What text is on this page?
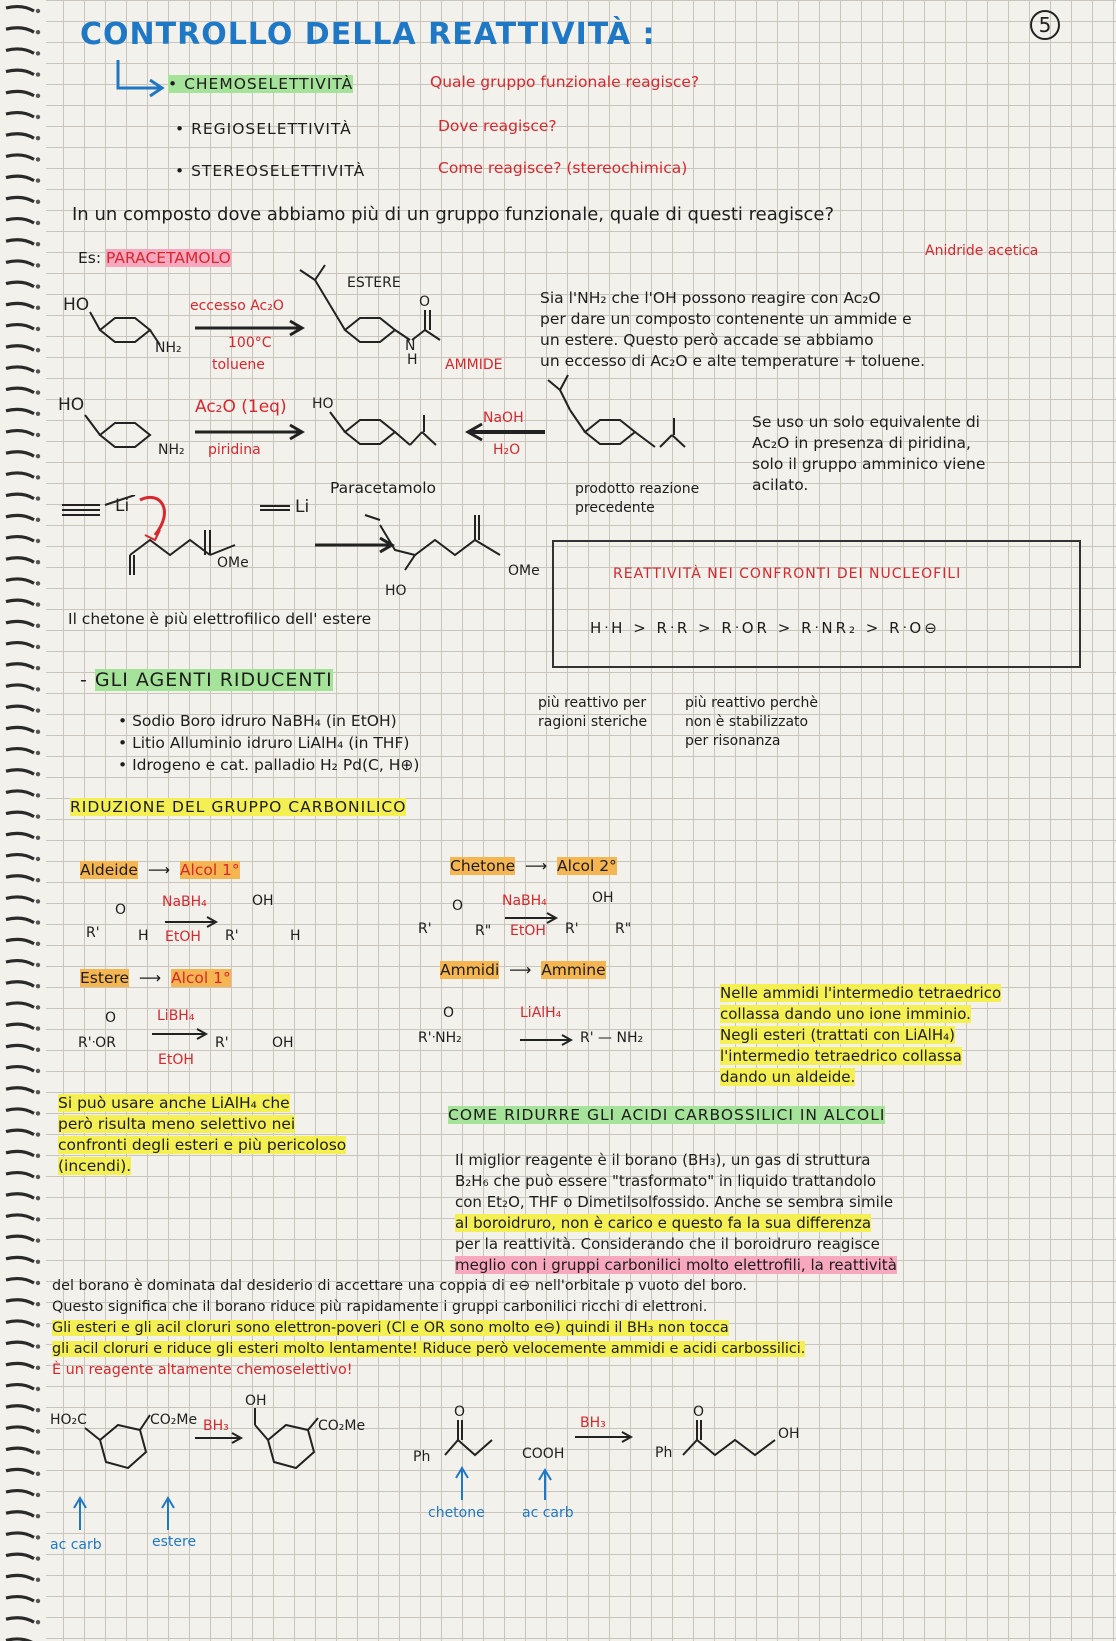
5
CONTROLLO DELLA REATTIVITÀ :
• CHEMOSELETTIVITÀ	Quale gruppo funzionale reagisce?
• REGIOSELETTIVITÀ	Dove reagisce?
• STEREOSELETTIVITÀ	Come reagisce? (stereochimica)
In un composto dove abbiamo più di un gruppo funzionale, quale di questi reagisce?
Es: PARACETAMOLO	Anidride acetica
HO
NH₂
eccesso Ac₂O
100°C
toluene
ESTERE
N
H
O
AMMIDE
Sia l'NH₂ che l'OH possono reagire con Ac₂O
per dare un composto contenente un ammide e
un estere. Questo però accade se abbiamo
un eccesso di Ac₂O e alte temperature + toluene.
HO
NH₂
Ac₂O (1eq)
piridina
HO
Paracetamolo
NaOH
H₂O
prodotto reazione
precedente
Se uso un solo equivalente di
Ac₂O in presenza di piridina,
solo il gruppo amminico viene
acilato.
Li	Li
OMe	OMe
HO
Il chetone è più elettrofilico dell' estere
REATTIVITÀ NEI CONFRONTI DEI NUCLEOFILI
HᐧH > RᐧR > RᐧOR > RᐧNR₂ > RᐧO⊖
più reattivo per
ragioni steriche
più reattivo perchè
non è stabilizzato
per risonanza
- GLI AGENTI RIDUCENTI
• Sodio Boro idruro NaBH₄ (in EtOH)
• Litio Alluminio idruro LiAlH₄ (in THF)
• Idrogeno e cat. palladio H₂ Pd(C, H⊕)
RIDUZIONE DEL GRUPPO CARBONILICO
Aldeide  ⟶  Alcol 1°
NaBH₄
EtOH
R'	H
O
R'	H
OH
Chetone  ⟶  Alcol 2°
NaBH₄
EtOH
R'	R"
O
R'	R"
OH
Estere  ⟶  Alcol 1°
LiBH₄
EtOH
R'ᐧOR
O
R'	OH
Ammidi  ⟶  Ammine
LiAlH₄
R'ᐧNH₂
O
R' — NH₂
Nelle ammidi l'intermedio tetraedrico
collassa dando uno ione imminio.
Negli esteri (trattati con LiAlH₄)
l'intermedio tetraedrico collassa
dando un aldeide.
Si può usare anche LiAlH₄ che
però risulta meno selettivo nei
confronti degli esteri e più pericoloso
(incendi).
COME RIDURRE GLI ACIDI CARBOSSILICI IN ALCOLI
Il miglior reagente è il borano (BH₃), un gas di struttura
B₂H₆ che può essere "trasformato" in liquido trattandolo
con Et₂O, THF o Dimetilsolfossido. Anche se sembra simile
al boroidruro, non è carico e questo fa la sua differenza
per la reattività. Considerando che il boroidruro reagisce
meglio con i gruppi carbonilici molto elettrofili, la reattività
del borano è dominata dal desiderio di accettare una coppia di e⊖ nell'orbitale p vuoto del boro.
Questo significa che il borano riduce più rapidamente i gruppi carbonilici ricchi di elettroni.
Gli esteri e gli acil cloruri sono elettron-poveri (Cl e OR sono molto e⊖) quindi il BH₃ non tocca
gli acil cloruri e riduce gli esteri molto lentamente! Riduce però velocemente ammidi e acidi carbossilici.
È un reagente altamente chemoselettivo!
HO₂C	CO₂Me BH₃
OH
CO₂Me
ac carb	estere
Ph
O
COOH
BH₃
Ph
O
OH
chetone	ac carb
